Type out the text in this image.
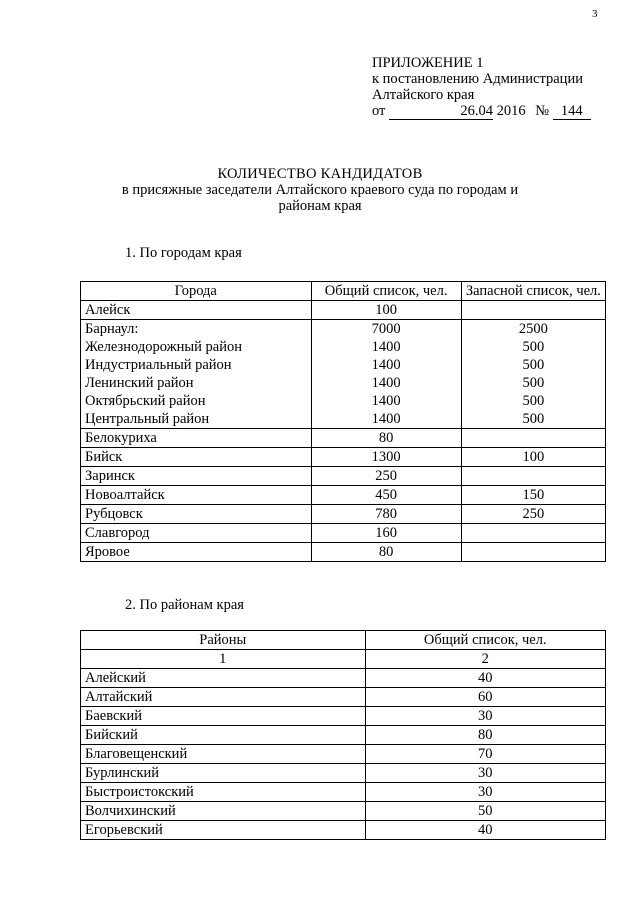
3
ПРИЛОЖЕНИЕ 1
к постановлению Администрации
Алтайского края
от	26.04 2016 № 144
КОЛИЧЕСТВО КАНДИДАТОВ
в присяжные заседатели Алтайского краевого суда по городам и
районам края
1. По городам края
Города	Общий список, чел.	Запасной список, чел.
Алейск	100	
Барнаул:	7000	2500
Железнодорожный район	1400	500
Индустриальный район	1400	500
Ленинский район	1400	500
Октябрьский район	1400	500
Центральный район	1400	500
Белокуриха	80	
Бийск	1300	100
Заринск	250	
Новоалтайск	450	150
Рубцовск	780	250
Славгород	160	
Яровое	80	
2. По районам края
Районы	Общий список, чел.
1	2
Алейский	40
Алтайский	60
Баевский	30
Бийский	80
Благовещенский	70
Бурлинский	30
Быстроистокский	30
Волчихинский	50
Егорьевский	40
